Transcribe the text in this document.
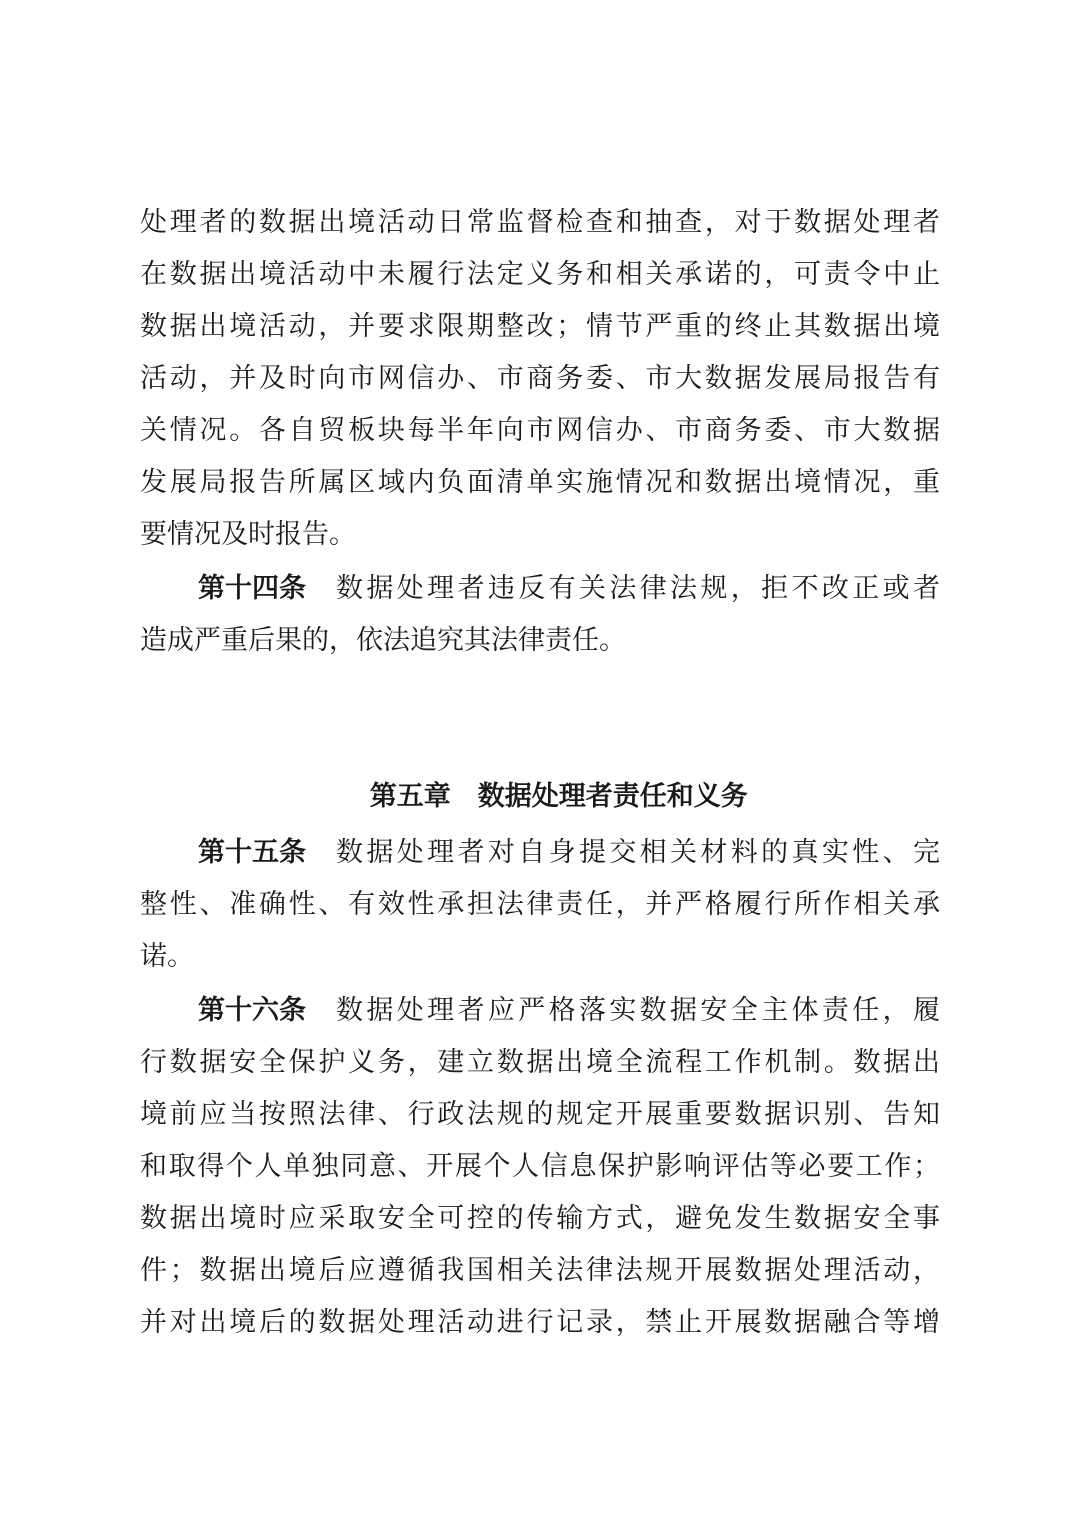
处理者的数据出境活动日常监督检查和抽查，对于数据处理者
在数据出境活动中未履行法定义务和相关承诺的，可责令中止
数据出境活动，并要求限期整改；情节严重的终止其数据出境
活动，并及时向市网信办、市商务委、市大数据发展局报告有
关情况。各自贸板块每半年向市网信办、市商务委、市大数据
发展局报告所属区域内负面清单实施情况和数据出境情况，重
要情况及时报告。
第十四条 数据处理者违反有关法律法规，拒不改正或者
造成严重后果的，依法追究其法律责任。

第五章　 数据处理者责任和义务

第十五条 数据处理者对自身提交相关材料的真实性、完
整性、准确性、有效性承担法律责任，并严格履行所作相关承
诺。
第十六条 数据处理者应严格落实数据安全主体责任，履
行数据安全保护义务，建立数据出境全流程工作机制。数据出
境前应当按照法律、行政法规的规定开展重要数据识别、告知
和取得个人单独同意、开展个人信息保护影响评估等必要工作；
数据出境时应采取安全可控的传输方式，避免发生数据安全事
件；数据出境后应遵循我国相关法律法规开展数据处理活动，
并对出境后的数据处理活动进行记录，禁止开展数据融合等增
